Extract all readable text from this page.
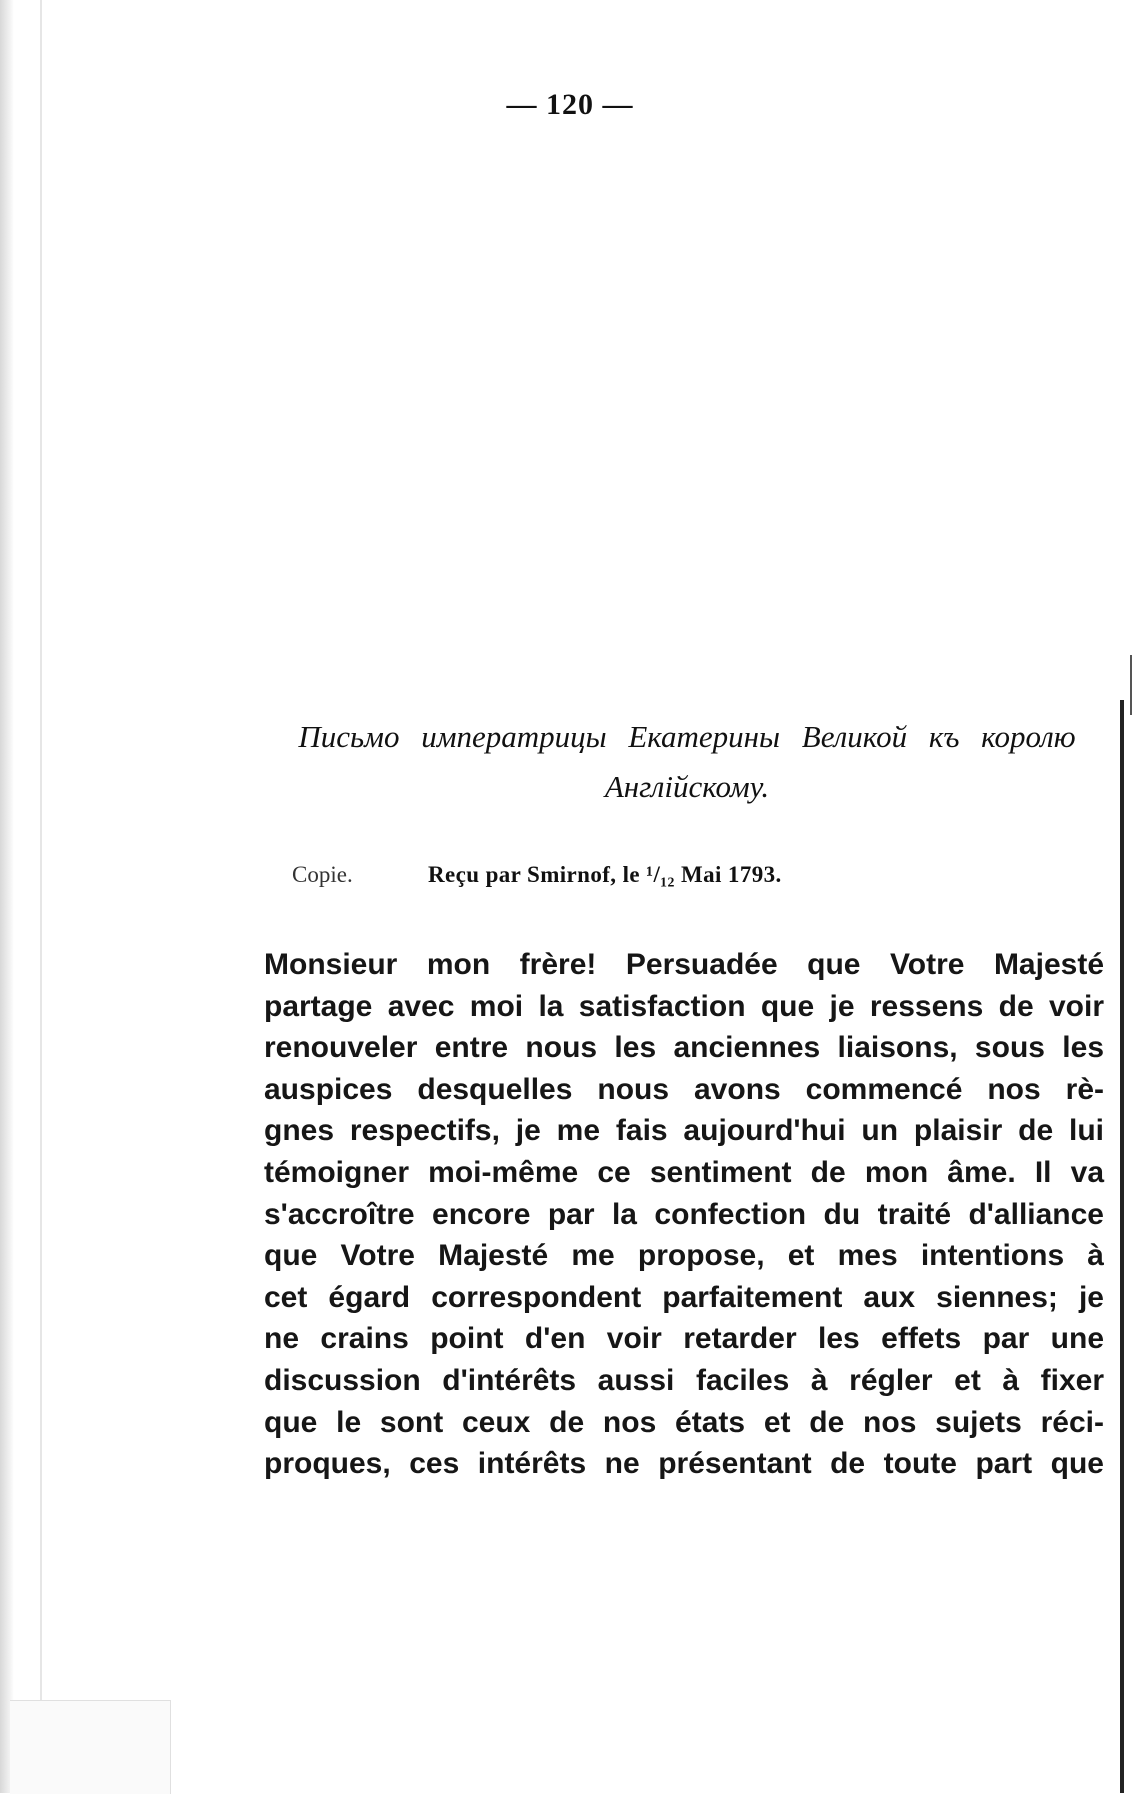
— 120 —
Письмо императрицы Екатерины Великой къ королю
Англійскому.
Copie.	Reçu par Smirnof, le ¹/₁₂ Mai 1793.
Monsieur mon frère! Persuadée que Votre Majesté
partage avec moi la satisfaction que je ressens de voir
renouveler entre nous les anciennes liaisons, sous les
auspices desquelles nous avons commencé nos rè-
gnes respectifs, je me fais aujourd'hui un plaisir de lui
témoigner moi-même ce sentiment de mon âme. Il va
s'accroître encore par la confection du traité d'alliance
que Votre Majesté me propose, et mes intentions à
cet égard correspondent parfaitement aux siennes; je
ne crains point d'en voir retarder les effets par une
discussion d'intérêts aussi faciles à régler et à fixer
que le sont ceux de nos états et de nos sujets réci-
proques, ces intérêts ne présentant de toute part que
